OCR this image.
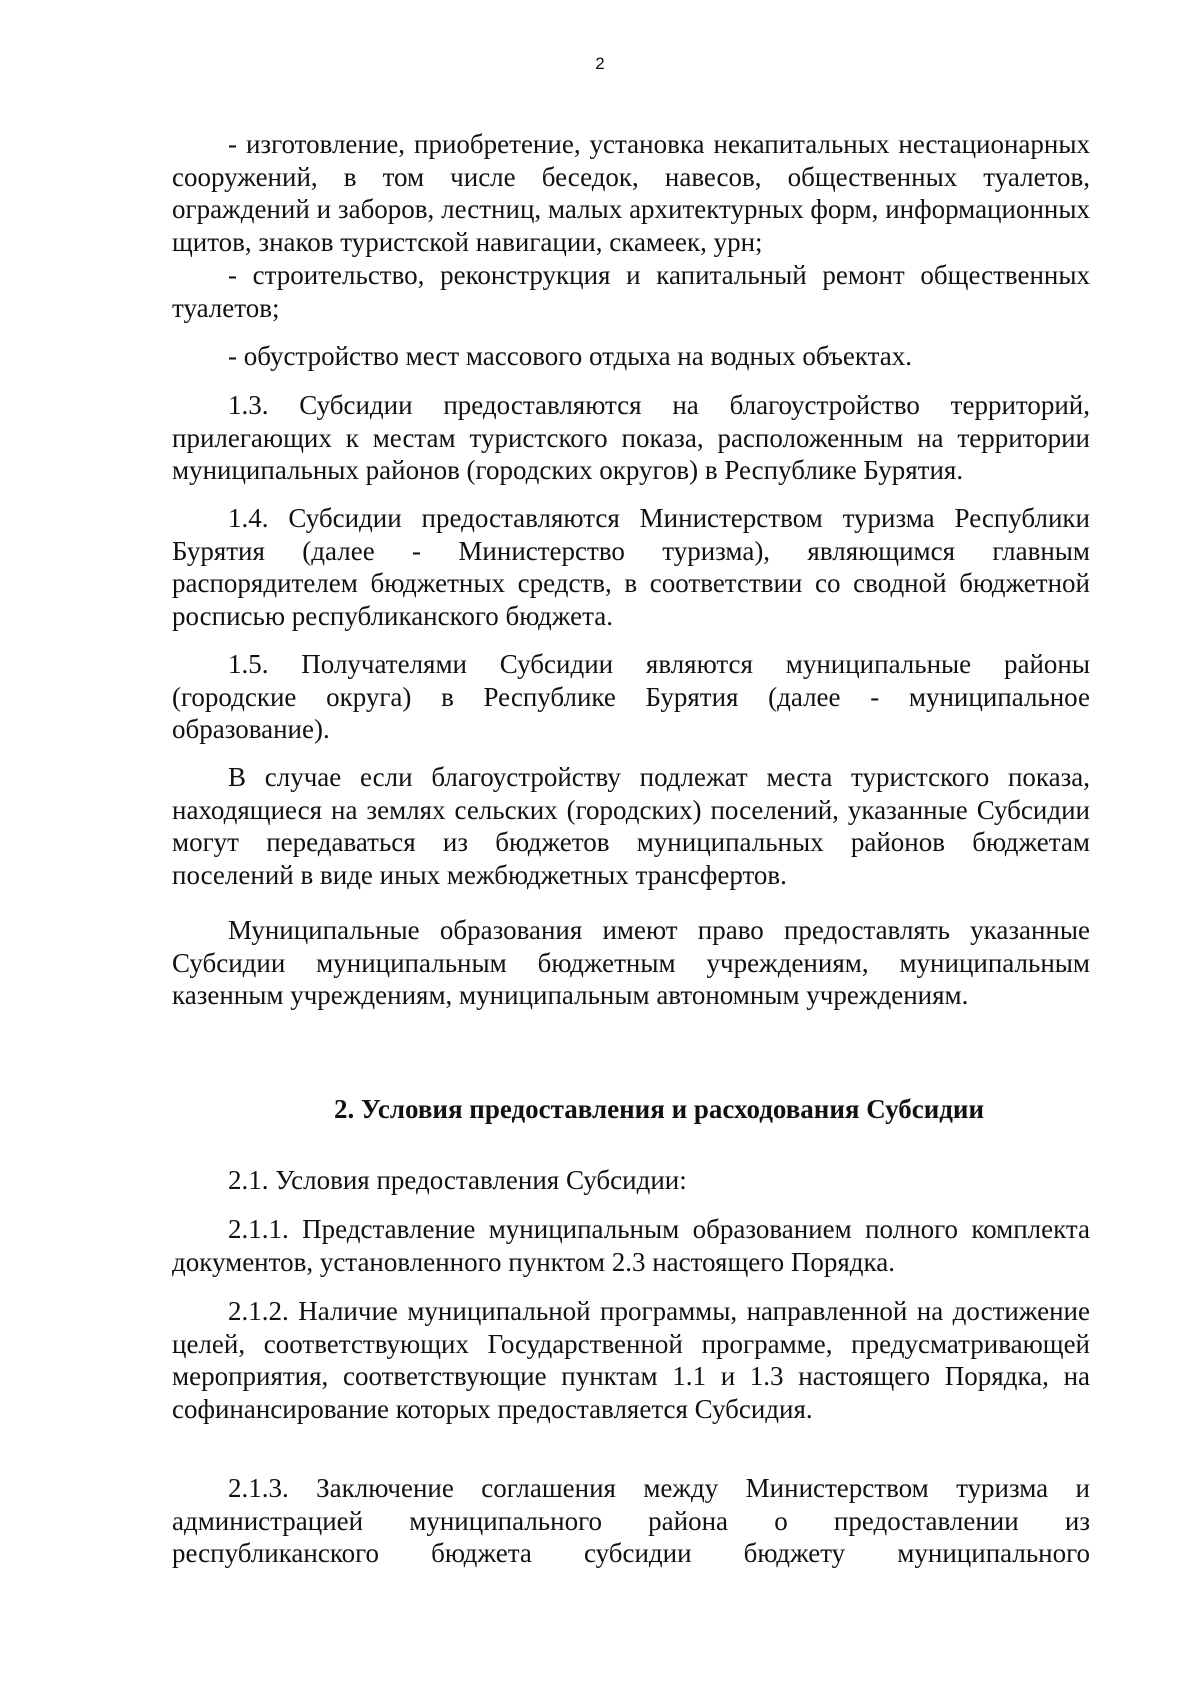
2

- изготовление, приобретение, установка некапитальных нестационарных сооружений, в том числе беседок, навесов, общественных туалетов, ограждений и заборов, лестниц, малых архитектурных форм, информационных щитов, знаков туристской навигации, скамеек, урн;

- строительство, реконструкция и капитальный ремонт общественных туалетов;

- обустройство мест массового отдыха на водных объектах.

1.3. Субсидии предоставляются на благоустройство территорий, прилегающих к местам туристского показа, расположенным на территории муниципальных районов (городских округов) в Республике Бурятия.

1.4. Субсидии предоставляются Министерством туризма Республики Бурятия (далее - Министерство туризма), являющимся главным распорядителем бюджетных средств, в соответствии со сводной бюджетной росписью республиканского бюджета.

1.5. Получателями Субсидии являются муниципальные районы (городские округа) в Республике Бурятия (далее - муниципальное образование).

В случае если благоустройству подлежат места туристского показа, находящиеся на землях сельских (городских) поселений, указанные Субсидии могут передаваться из бюджетов муниципальных районов бюджетам поселений в виде иных межбюджетных трансфертов.

Муниципальные образования имеют право предоставлять указанные Субсидии муниципальным бюджетным учреждениям, муниципальным казенным учреждениям, муниципальным автономным учреждениям.

2. Условия предоставления и расходования Субсидии

2.1. Условия предоставления Субсидии:

2.1.1. Представление муниципальным образованием полного комплекта документов, установленного пунктом 2.3 настоящего Порядка.

2.1.2. Наличие муниципальной программы, направленной на достижение целей, соответствующих Государственной программе, предусматривающей мероприятия, соответствующие пунктам 1.1 и 1.3 настоящего Порядка, на софинансирование которых предоставляется Субсидия.

2.1.3. Заключение соглашения между Министерством туризма и администрацией муниципального района о предоставлении из республиканского бюджета субсидии бюджету муниципального
